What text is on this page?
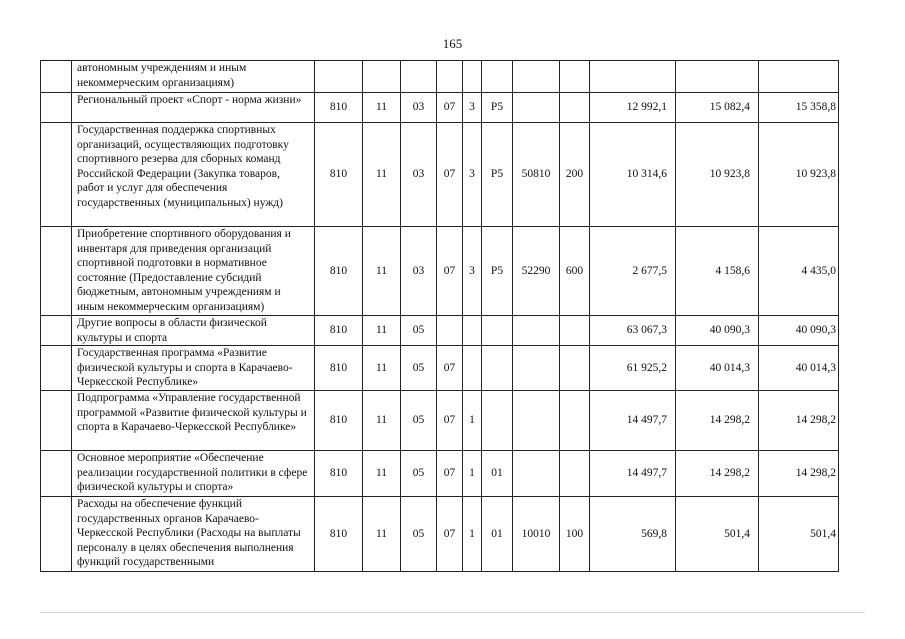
165
	автономным учреждениям и иным некоммерческим организациям)											
	Региональный проект «Спорт - норма жизни»	810	11	03	07	3	P5			12 992,1	15 082,4	15 358,8
	Государственная поддержка спортивных организаций, осуществляющих подготовку спортивного резерва для сборных команд Российской Федерации (Закупка товаров, работ и услуг для обеспечения государственных (муниципальных) нужд)	810	11	03	07	3	P5	50810	200	10 314,6	10 923,8	10 923,8
	Приобретение спортивного оборудования и инвентаря для приведения организаций спортивной подготовки в нормативное состояние (Предоставление субсидий бюджетным, автономным учреждениям и иным некоммерческим организациям)	810	11	03	07	3	P5	52290	600	2 677,5	4 158,6	4 435,0
	Другие вопросы в области физической культуры и спорта	810	11	05						63 067,3	40 090,3	40 090,3
	Государственная программа «Развитие физической культуры и спорта в Карачаево-Черкесской Республике»	810	11	05	07					61 925,2	40 014,3	40 014,3
	Подпрограмма «Управление государственной программой «Развитие физической культуры и спорта в Карачаево-Черкесской Республике»	810	11	05	07	1				14 497,7	14 298,2	14 298,2
	Основное мероприятие «Обеспечение реализации государственной политики в сфере физической культуры и спорта»	810	11	05	07	1	01			14 497,7	14 298,2	14 298,2
	Расходы на обеспечение функций государственных органов Карачаево-Черкесской Республики (Расходы на выплаты персоналу в целях обеспечения выполнения функций государственными	810	11	05	07	1	01	10010	100	569,8	501,4	501,4
